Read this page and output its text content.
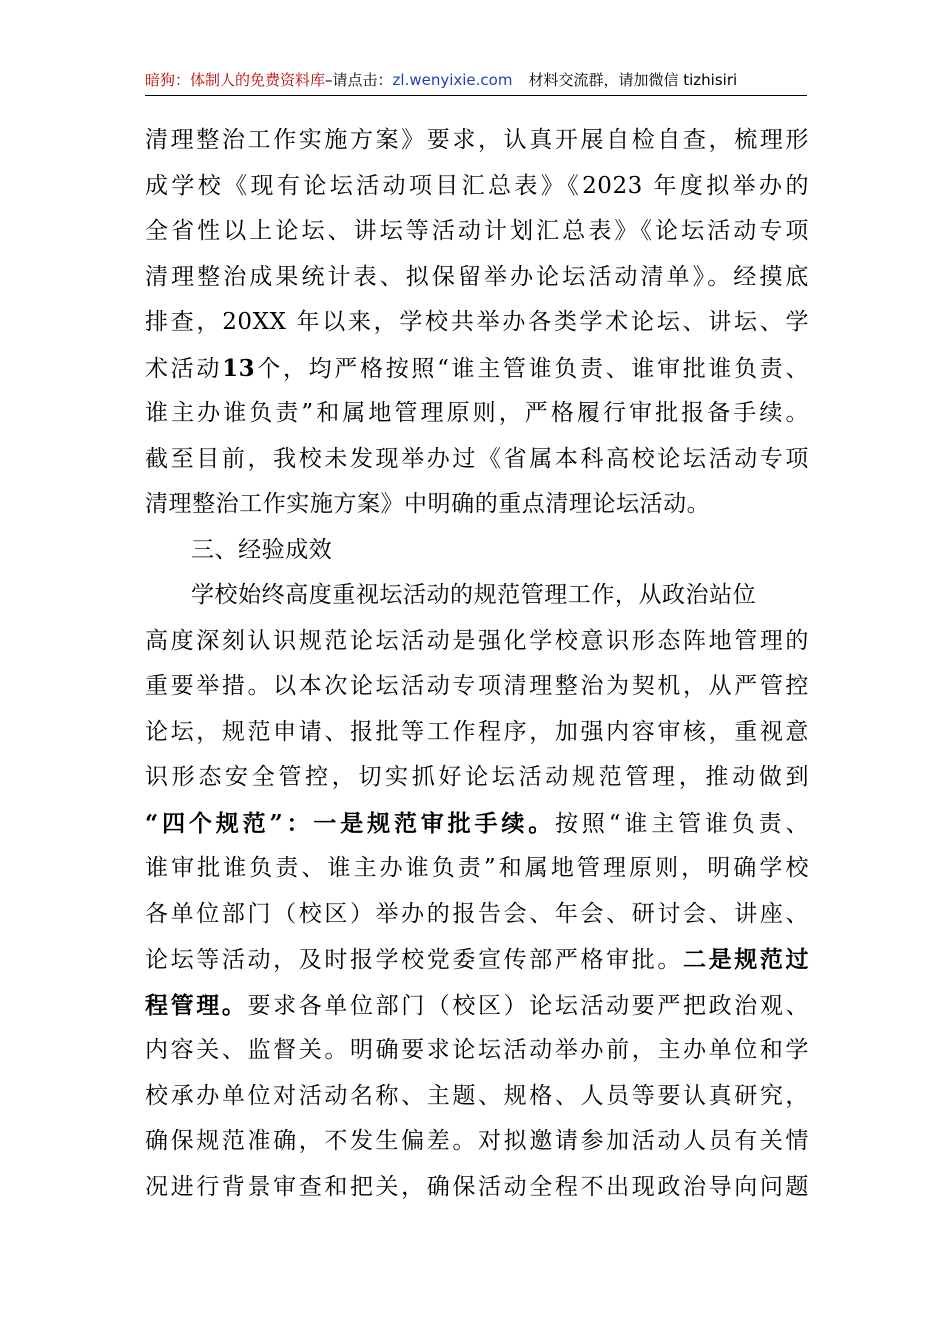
暗狗：体制人的免费资料库 –请点击： zl.wenyixie.com 材料交流群，请加微信 tizhisiri
清理整治工作实施方案》要求，认真开展自检自查，梳理形
成学校《现有论坛活动项目汇总表》《2023 年度拟举办的
全省性以上论坛、讲坛等活动计划汇总表》《论坛活动专项
清理整治成果统计表、拟保留举办论坛活动清单》。经摸底
排查，20XX 年以来，学校共举办各类学术论坛、讲坛、学
术活动13个，均严格按照“谁主管谁负责、谁审批谁负责、
谁主办谁负责”和属地管理原则，严格履行审批报备手续。
截至目前，我校未发现举办过《省属本科高校论坛活动专项
清理整治工作实施方案》中明确的重点清理论坛活动。
三、经验成效
学校始终高度重视坛活动的规范管理工作，从政治站位
高度深刻认识规范论坛活动是强化学校意识形态阵地管理的
重要举措。以本次论坛活动专项清理整治为契机，从严管控
论坛，规范申请、报批等工作程序，加强内容审核，重视意
识形态安全管控，切实抓好论坛活动规范管理，推动做到
“四个规范”：一是规范审批手续。按照“谁主管谁负责、
谁审批谁负责、谁主办谁负责”和属地管理原则，明确学校
各单位部门（校区）举办的报告会、年会、研讨会、讲座、
论坛等活动，及时报学校党委宣传部严格审批。二是规范过
程管理。要求各单位部门（校区）论坛活动要严把政治观、
内容关、监督关。明确要求论坛活动举办前，主办单位和学
校承办单位对活动名称、主题、规格、人员等要认真研究，
确保规范准确，不发生偏差。对拟邀请参加活动人员有关情
况进行背景审查和把关，确保活动全程不出现政治导向问题
